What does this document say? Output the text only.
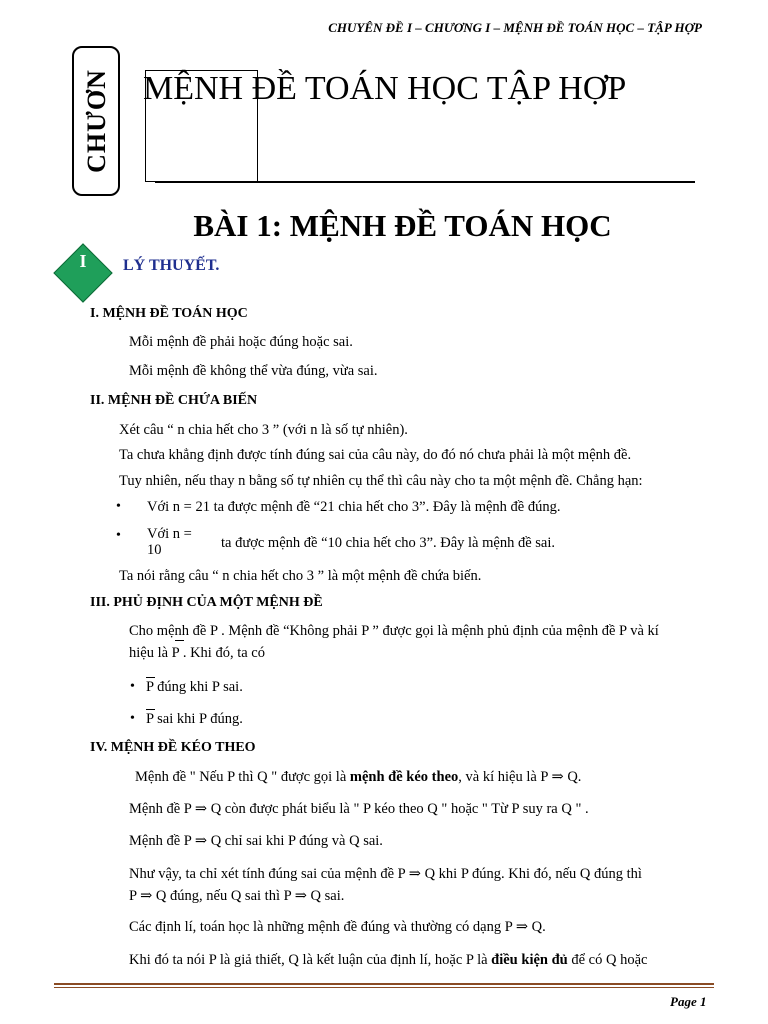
CHUYÊN ĐỀ I – CHƯƠNG I – MỆNH ĐỀ TOÁN HỌC – TẬP HỢP
CHƯƠN MỆNH ĐỀ TOÁN HỌC TẬP HỢP
BÀI 1: MỆNH ĐỀ TOÁN HỌC
I	LÝ THUYẾT.
I. MỆNH ĐỀ TOÁN HỌC
Mỗi mệnh đề phải hoặc đúng hoặc sai.
Mỗi mệnh đề không thể vừa đúng, vừa sai.
II. MỆNH ĐỀ CHỨA BIẾN
Xét câu “ n chia hết cho 3 ” (với n là số tự nhiên).
Ta chưa khẳng định được tính đúng sai của câu này, do đó nó chưa phải là một mệnh đề.
Tuy nhiên, nếu thay n bằng số tự nhiên cụ thể thì câu này cho ta một mệnh đề. Chẳng hạn:
• Với n = 21 ta được mệnh đề “21 chia hết cho 3”. Đây là mệnh đề đúng.
• Với n =
10	ta được mệnh đề “10 chia hết cho 3”. Đây là mệnh đề sai.
Ta nói rằng câu “ n chia hết cho 3 ” là một mệnh đề chứa biến.
III. PHỦ ĐỊNH CỦA MỘT MỆNH ĐỀ
Cho mệnh đề P . Mệnh đề “Không phải P ” được gọi là mệnh phủ định của mệnh đề P và kí
hiệu là P . Khi đó, ta có
• P đúng khi P sai.
• P sai khi P đúng.
IV. MỆNH ĐỀ KÉO THEO
Mệnh đề " Nếu P thì Q " được gọi là mệnh đề kéo theo, và kí hiệu là P ⇒ Q.
Mệnh đề P ⇒ Q còn được phát biểu là " P kéo theo Q " hoặc " Từ P suy ra Q " .
Mệnh đề P ⇒ Q chỉ sai khi P đúng và Q sai.
Như vậy, ta chỉ xét tính đúng sai của mệnh đề P ⇒ Q khi P đúng. Khi đó, nếu Q đúng thì
P ⇒ Q đúng, nếu Q sai thì P ⇒ Q sai.
Các định lí, toán học là những mệnh đề đúng và thường có dạng P ⇒ Q.
Khi đó ta nói P là giả thiết, Q là kết luận của định lí, hoặc P là điều kiện đủ để có Q hoặc
Page 1
